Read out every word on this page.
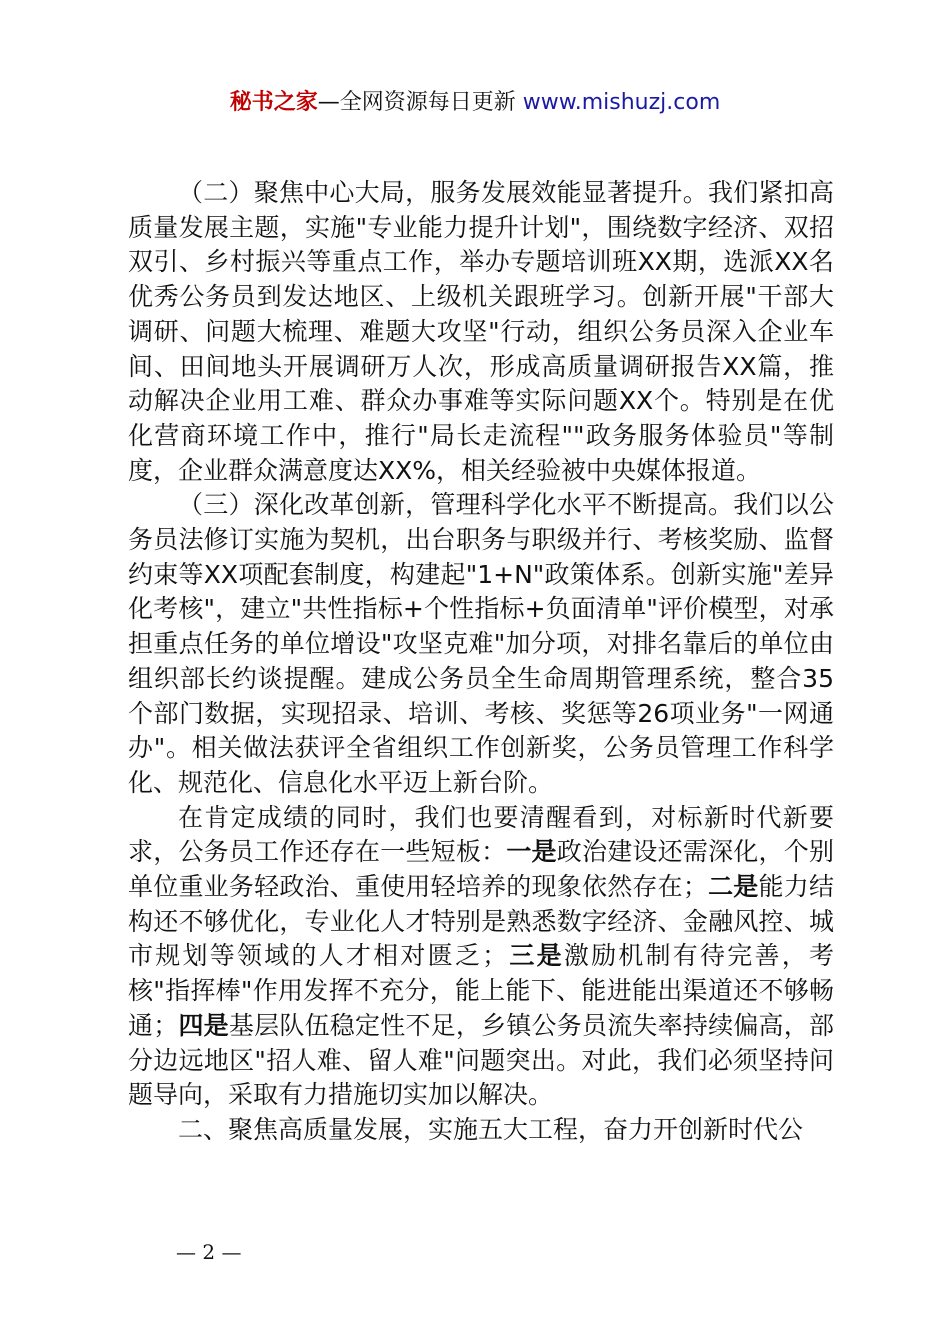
秘书之家—全网资源每日更新 www.mishuzj.com

（二）聚焦中心大局，服务发展效能显著提升。我们紧扣高质量发展主题，实施"专业能力提升计划"，围绕数字经济、双招双引、乡村振兴等重点工作，举办专题培训班XX期，选派XX名优秀公务员到发达地区、上级机关跟班学习。创新开展"干部大调研、问题大梳理、难题大攻坚"行动，组织公务员深入企业车间、田间地头开展调研万人次，形成高质量调研报告XX篇，推动解决企业用工难、群众办事难等实际问题XX个。特别是在优化营商环境工作中，推行"局长走流程""政务服务体验员"等制度，企业群众满意度达XX%，相关经验被中央媒体报道。

（三）深化改革创新，管理科学化水平不断提高。我们以公务员法修订实施为契机，出台职务与职级并行、考核奖励、监督约束等XX项配套制度，构建起"1+N"政策体系。创新实施"差异化考核"，建立"共性指标+个性指标+负面清单"评价模型，对承担重点任务的单位增设"攻坚克难"加分项，对排名靠后的单位由组织部长约谈提醒。建成公务员全生命周期管理系统，整合35个部门数据，实现招录、培训、考核、奖惩等26项业务"一网通办"。相关做法获评全省组织工作创新奖，公务员管理工作科学化、规范化、信息化水平迈上新台阶。

在肯定成绩的同时，我们也要清醒看到，对标新时代新要求，公务员工作还存在一些短板：一是政治建设还需深化，个别单位重业务轻政治、重使用轻培养的现象依然存在；二是能力结构还不够优化，专业化人才特别是熟悉数字经济、金融风控、城市规划等领域的人才相对匮乏；三是激励机制有待完善，考核"指挥棒"作用发挥不充分，能上能下、能进能出渠道还不够畅通；四是基层队伍稳定性不足，乡镇公务员流失率持续偏高，部分边远地区"招人难、留人难"问题突出。对此，我们必须坚持问题导向，采取有力措施切实加以解决。

二、聚焦高质量发展，实施五大工程，奋力开创新时代公

— 2 —
